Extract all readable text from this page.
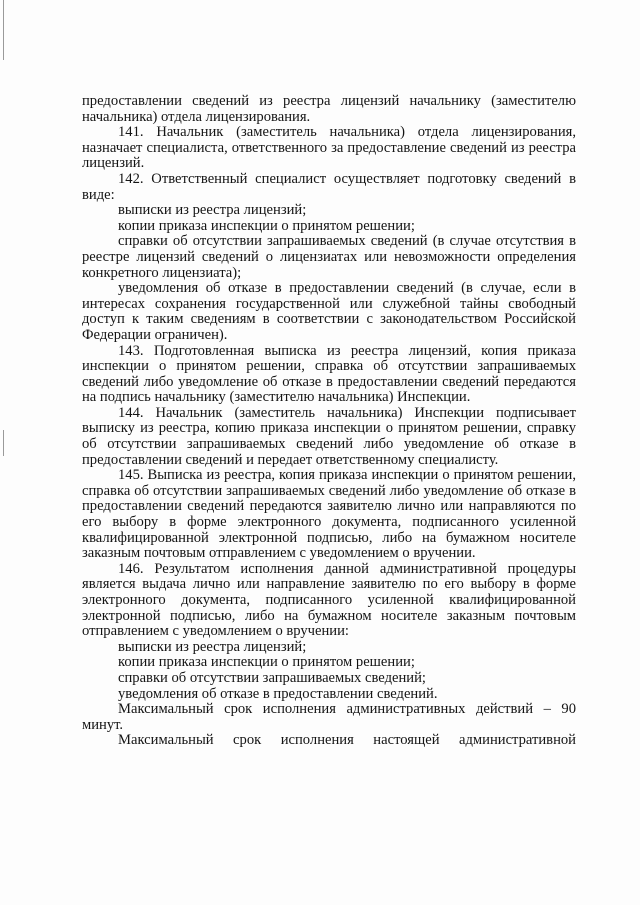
предоставлении сведений из реестра лицензий начальнику (заместителю начальника) отдела лицензирования.

141. Начальник (заместитель начальника) отдела лицензирования, назначает специалиста, ответственного за предоставление сведений из реестра лицензий.

142. Ответственный специалист осуществляет подготовку сведений в виде:

выписки из реестра лицензий;

копии приказа инспекции о принятом решении;

справки об отсутствии запрашиваемых сведений (в случае отсутствия в реестре лицензий сведений о лицензиатах или невозможности определения конкретного лицензиата);

уведомления об отказе в предоставлении сведений (в случае, если в интересах сохранения государственной или служебной тайны свободный доступ к таким сведениям в соответствии с законодательством Российской Федерации ограничен).

143. Подготовленная выписка из реестра лицензий, копия приказа инспекции о принятом решении, справка об отсутствии запрашиваемых сведений либо уведомление об отказе в предоставлении сведений передаются на подпись начальнику (заместителю начальника) Инспекции.

144. Начальник (заместитель начальника) Инспекции подписывает выписку из реестра, копию приказа инспекции о принятом решении, справку об отсутствии запрашиваемых сведений либо уведомление об отказе в предоставлении сведений и передает ответственному специалисту.

145. Выписка из реестра, копия приказа инспекции о принятом решении, справка об отсутствии запрашиваемых сведений либо уведомление об отказе в предоставлении сведений передаются заявителю лично или направляются по его выбору в форме электронного документа, подписанного усиленной квалифицированной электронной подписью, либо на бумажном носителе заказным почтовым отправлением с уведомлением о вручении.

146. Результатом исполнения данной административной процедуры является выдача лично или направление заявителю по его выбору в форме электронного документа, подписанного усиленной квалифицированной электронной подписью, либо на бумажном носителе заказным почтовым отправлением с уведомлением о вручении:

выписки из реестра лицензий;

копии приказа инспекции о принятом решении;

справки об отсутствии запрашиваемых сведений;

уведомления об отказе в предоставлении сведений.

Максимальный срок исполнения административных действий – 90 минут.

Максимальный срок исполнения настоящей административной
